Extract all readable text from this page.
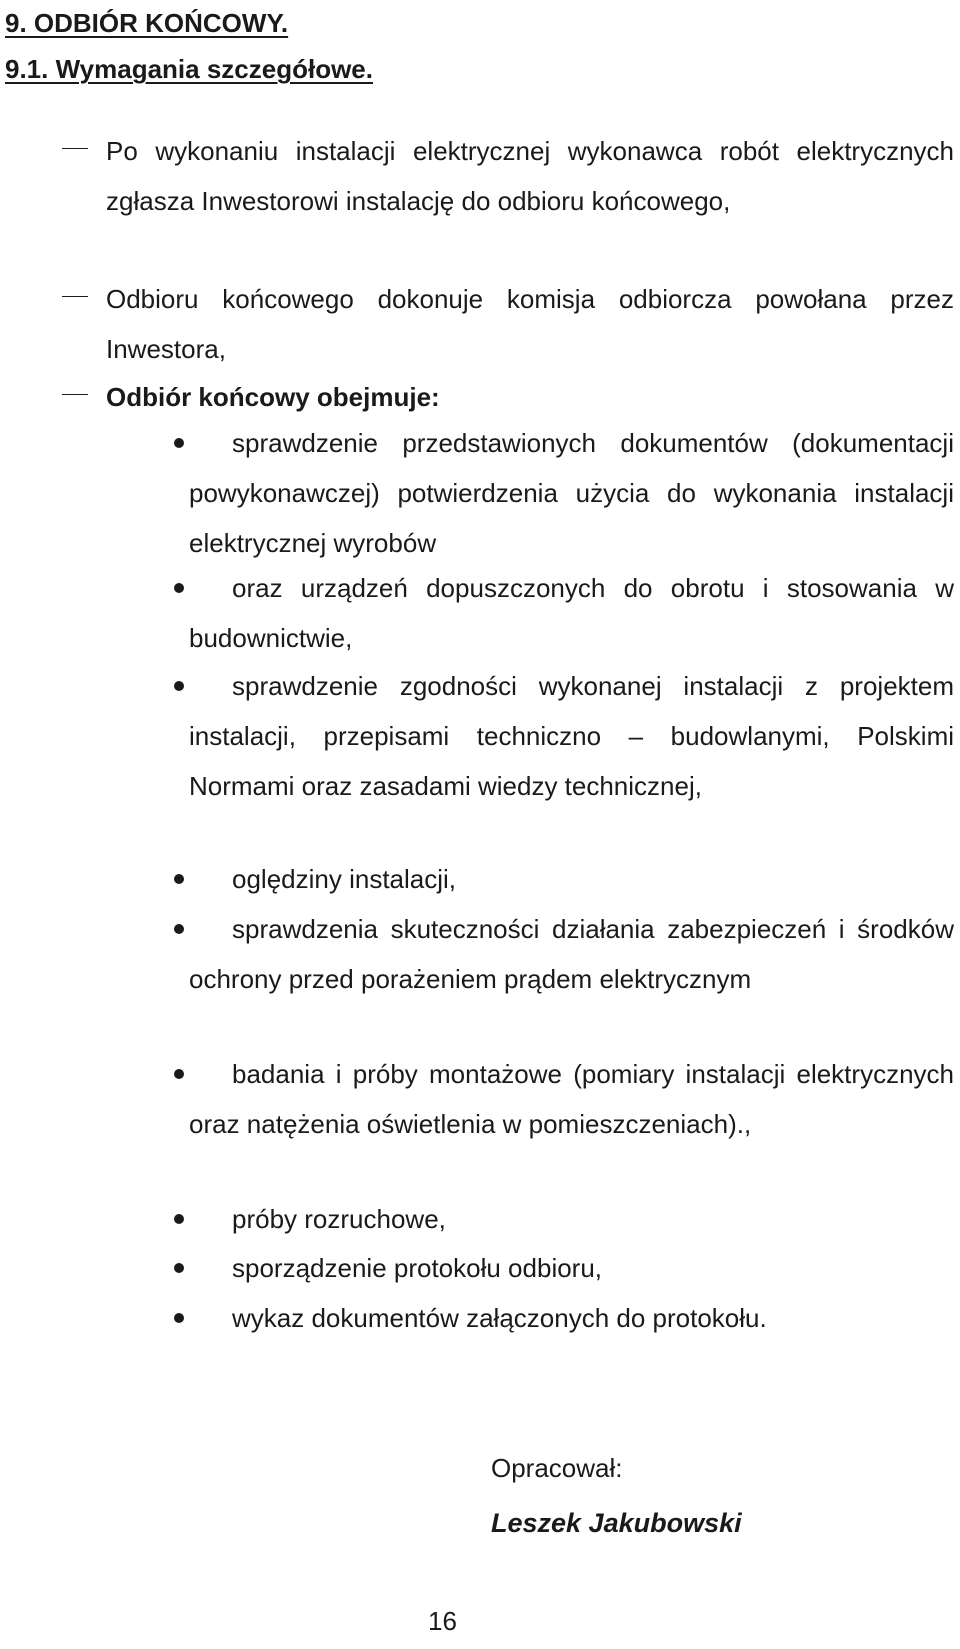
9. ODBIÓR KOŃCOWY.
9.1. Wymagania szczegółowe.
Po wykonaniu instalacji elektrycznej wykonawca robót elektrycznych zgłasza Inwestorowi instalację do odbioru końcowego,
Odbioru końcowego dokonuje komisja odbiorcza powołana przez Inwestora,
Odbiór końcowy obejmuje:
sprawdzenie przedstawionych dokumentów (dokumentacji powykonawczej) potwierdzenia użycia do wykonania instalacji elektrycznej wyrobów
oraz urządzeń dopuszczonych do obrotu i stosowania w budownictwie,
sprawdzenie zgodności wykonanej instalacji z projektem instalacji, przepisami techniczno – budowlanymi, Polskimi Normami oraz zasadami wiedzy technicznej,
oględziny instalacji,
sprawdzenia skuteczności działania zabezpieczeń i środków ochrony przed porażeniem prądem elektrycznym
badania i próby montażowe (pomiary instalacji elektrycznych oraz natężenia oświetlenia w pomieszczeniach).,
próby rozruchowe,
sporządzenie protokołu odbioru,
wykaz dokumentów załączonych do protokołu.
Opracował:
Leszek Jakubowski
16
